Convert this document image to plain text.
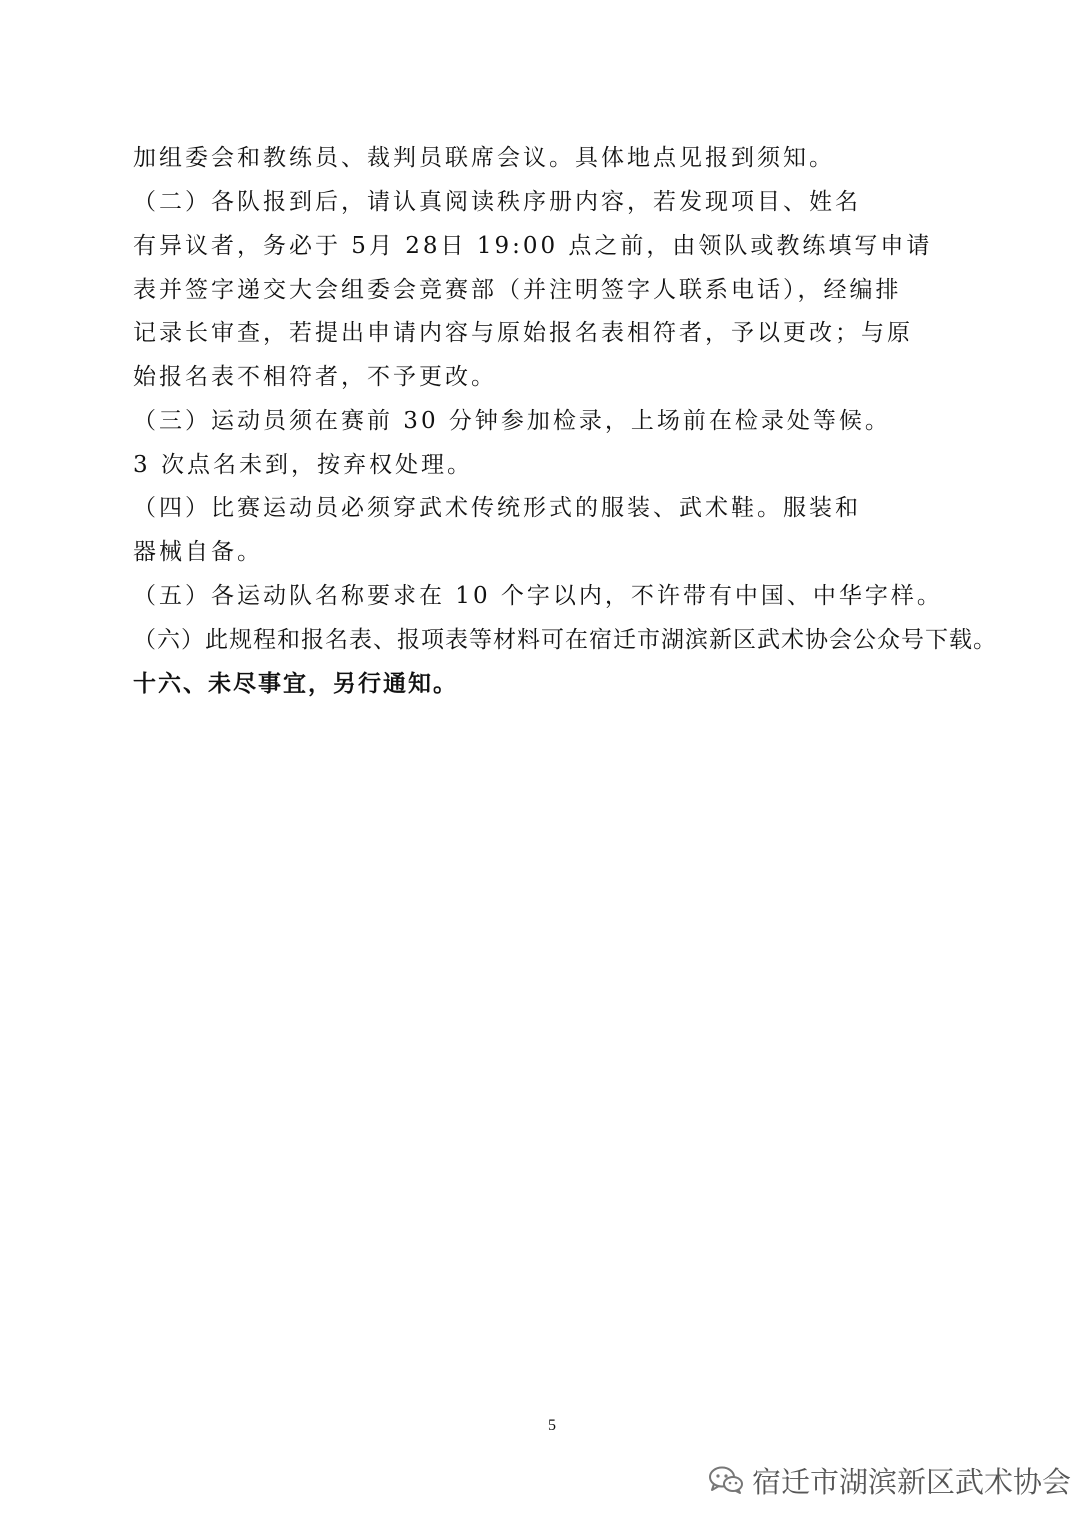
加组委会和教练员、裁判员联席会议。具体地点见报到须知。
（二）各队报到后，请认真阅读秩序册内容，若发现项目、姓名
有异议者，务必于 5月 28日 19:00 点之前，由领队或教练填写申请
表并签字递交大会组委会竞赛部（并注明签字人联系电话），经编排
记录长审查，若提出申请内容与原始报名表相符者，予以更改；与原
始报名表不相符者，不予更改。
（三）运动员须在赛前 30 分钟参加检录，上场前在检录处等候。
3 次点名未到，按弃权处理。
（四）比赛运动员必须穿武术传统形式的服装、武术鞋。服装和
器械自备。
（五）各运动队名称要求在 10 个字以内，不许带有中国、中华字样。
（六）此规程和报名表、报项表等材料可在宿迁市湖滨新区武术协会公众号下载。
十六、未尽事宜，另行通知。
5
宿迁市湖滨新区武术协会
